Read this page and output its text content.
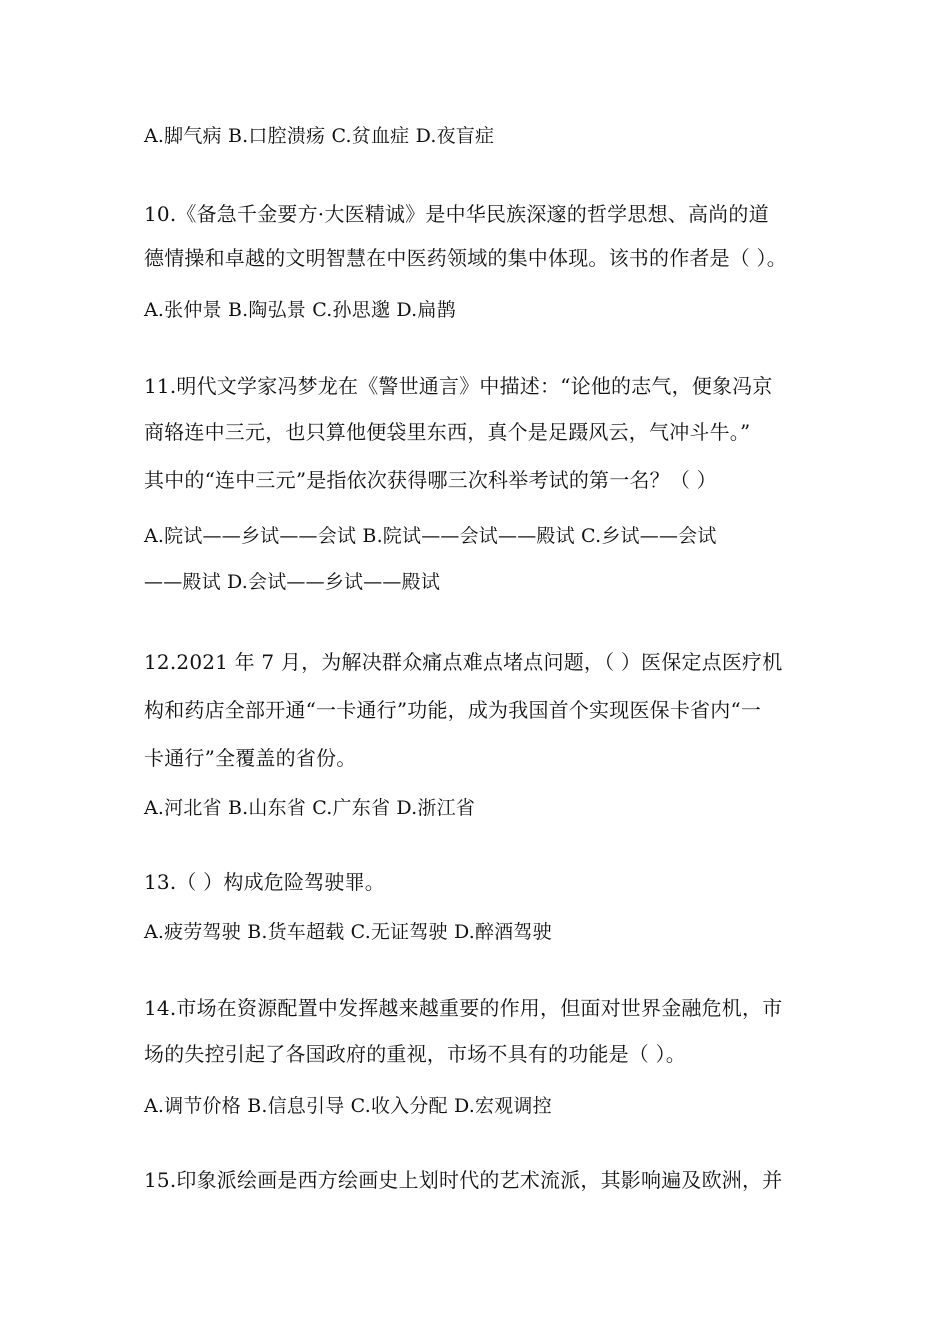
A.脚气病 B.口腔溃疡 C.贫血症 D.夜盲症
10.《备急千金要方·大医精诚》是中华民族深邃的哲学思想、高尚的道
德情操和卓越的文明智慧在中医药领域的集中体现。该书的作者是（ ）。
A.张仲景 B.陶弘景 C.孙思邈 D.扁鹊
11.明代文学家冯梦龙在《警世通言》中描述：“论他的志气，便象冯京
商辂连中三元，也只算他便袋里东西，真个是足蹑风云，气冲斗牛。”
其中的“连中三元”是指依次获得哪三次科举考试的第一名？（ ）
A.院试——乡试——会试 B.院试——会试——殿试 C.乡试——会试
——殿试 D.会试——乡试——殿试
12.2021 年 7 月，为解决群众痛点难点堵点问题，（ ）医保定点医疗机
构和药店全部开通“一卡通行”功能，成为我国首个实现医保卡省内“一
卡通行”全覆盖的省份。
A.河北省 B.山东省 C.广东省 D.浙江省
13.（ ）构成危险驾驶罪。
A.疲劳驾驶 B.货车超载 C.无证驾驶 D.醉酒驾驶
14.市场在资源配置中发挥越来越重要的作用，但面对世界金融危机，市
场的失控引起了各国政府的重视，市场不具有的功能是（ ）。
A.调节价格 B.信息引导 C.收入分配 D.宏观调控
15.印象派绘画是西方绘画史上划时代的艺术流派，其影响遍及欧洲，并
